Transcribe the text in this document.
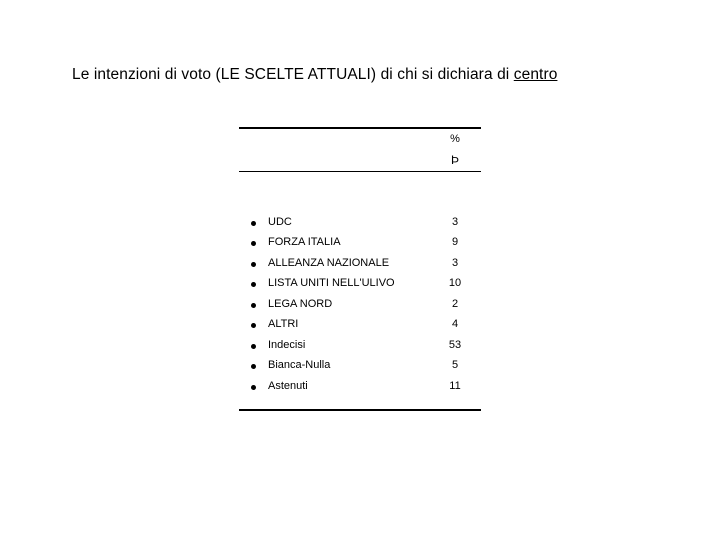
Le intenzioni di voto (LE SCELTE ATTUALI) di chi si dichiara di centro
%
Þ
UDC	3
FORZA ITALIA	9
ALLEANZA NAZIONALE	3
LISTA UNITI NELL'ULIVO	10
LEGA NORD	2
ALTRI	4
Indecisi	53
Bianca-Nulla	5
Astenuti	11
